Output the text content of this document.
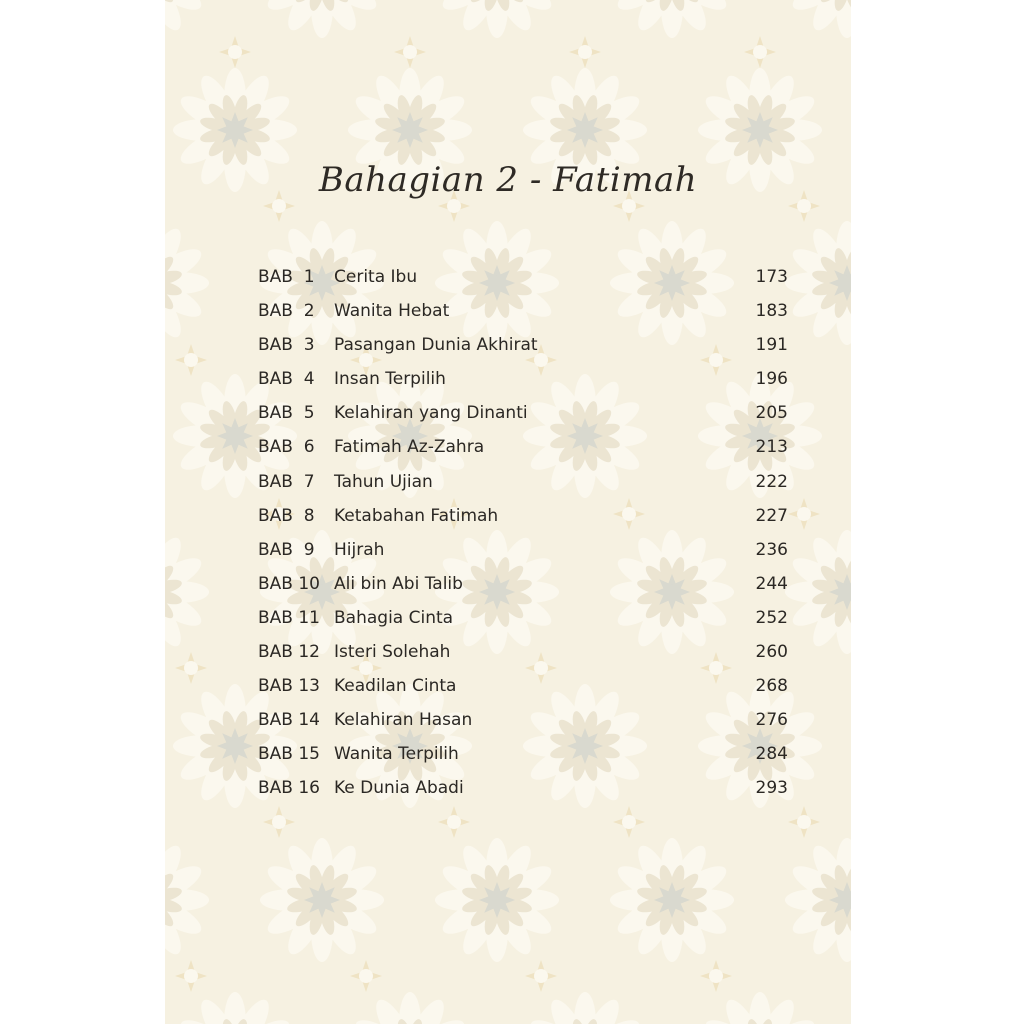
Bahagian 2 - Fatimah
BAB  1 Cerita Ibu	173
BAB  2 Wanita Hebat	183
BAB  3 Pasangan Dunia Akhirat	191
BAB  4 Insan Terpilih	196
BAB  5 Kelahiran yang Dinanti	205
BAB  6 Fatimah Az-Zahra	213
BAB  7 Tahun Ujian	222
BAB  8 Ketabahan Fatimah	227
BAB  9 Hijrah	236
BAB 10 Ali bin Abi Talib	244
BAB 11 Bahagia Cinta	252
BAB 12 Isteri Solehah	260
BAB 13 Keadilan Cinta	268
BAB 14 Kelahiran Hasan	276
BAB 15 Wanita Terpilih	284
BAB 16 Ke Dunia Abadi	293
